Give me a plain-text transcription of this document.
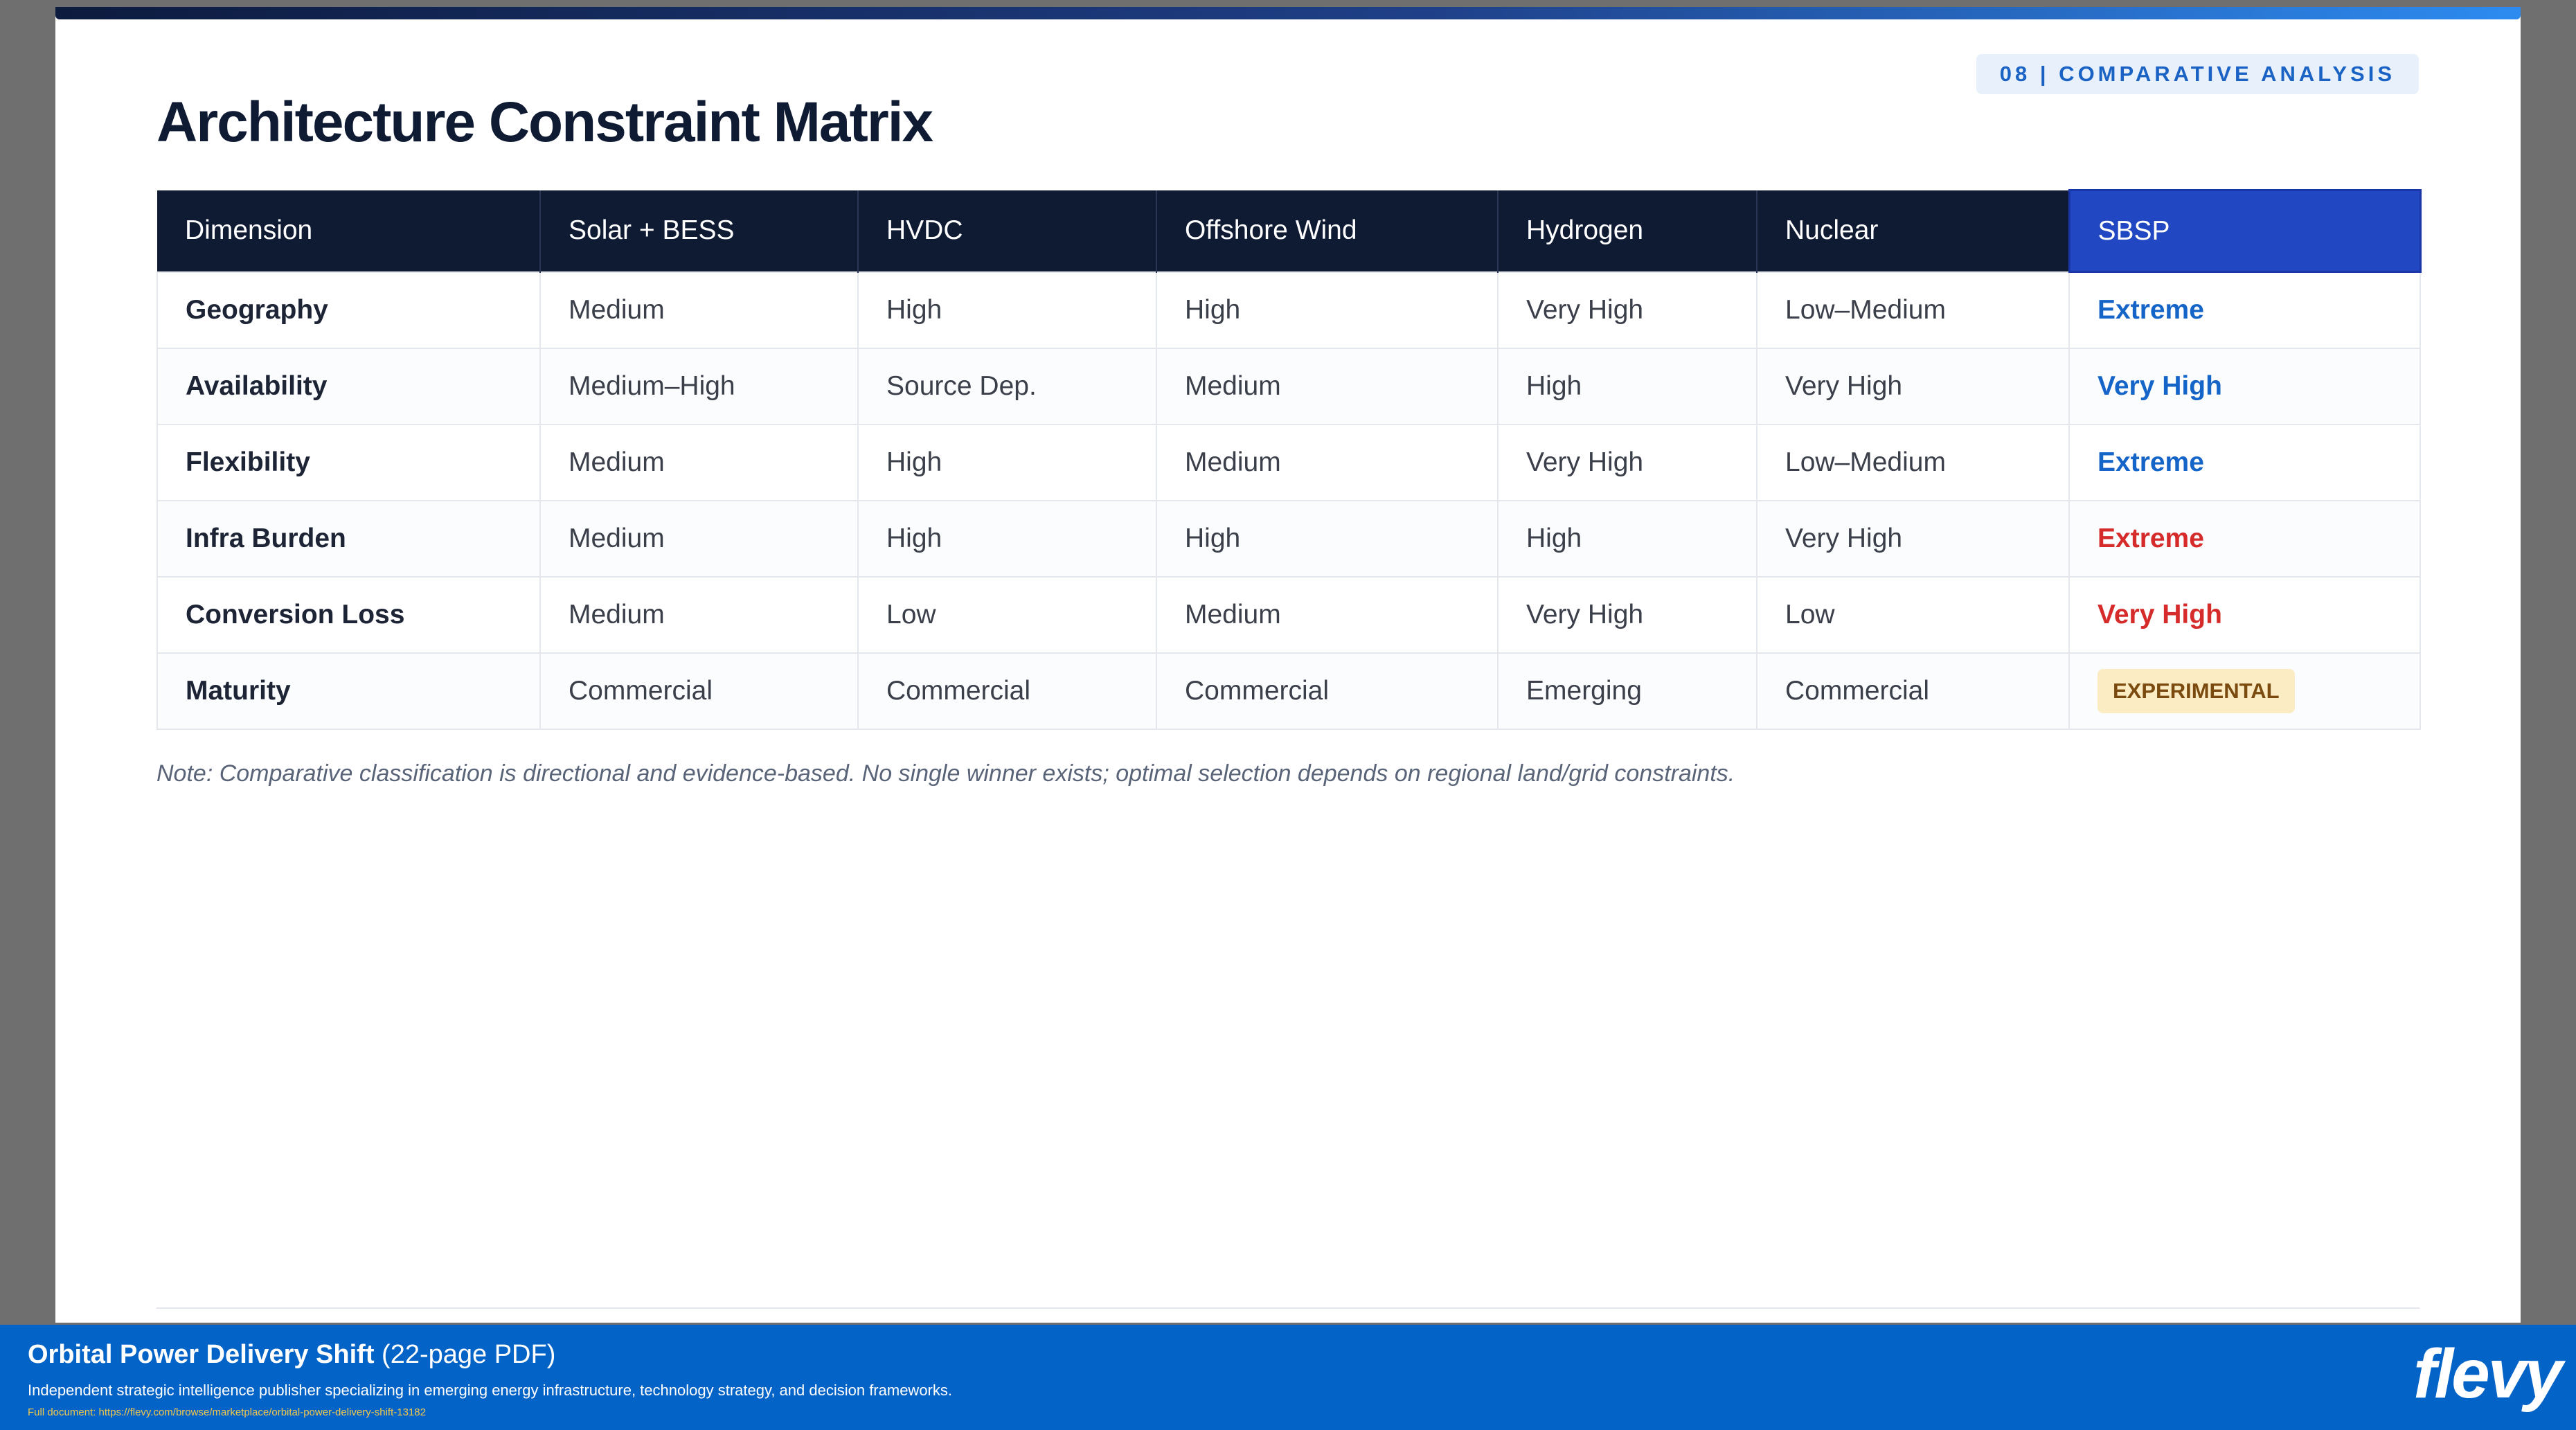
08 | COMPARATIVE ANALYSIS
Architecture Constraint Matrix
Dimension	Solar + BESS	HVDC	Offshore Wind	Hydrogen	Nuclear	SBSP
Geography	Medium	High	High	Very High	Low–Medium	Extreme
Availability	Medium–High	Source Dep.	Medium	High	Very High	Very High
Flexibility	Medium	High	Medium	Very High	Low–Medium	Extreme
Infra Burden	Medium	High	High	High	Very High	Extreme
Conversion Loss	Medium	Low	Medium	Very High	Low	Very High
Maturity	Commercial	Commercial	Commercial	Emerging	Commercial	EXPERIMENTAL
Note: Comparative classification is directional and evidence-based. No single winner exists; optimal selection depends on regional land/grid constraints.
Orbital Power Delivery Shift (22-page PDF)
Independent strategic intelligence publisher specializing in emerging energy infrastructure, technology strategy, and decision frameworks.
Full document: https://flevy.com/browse/marketplace/orbital-power-delivery-shift-13182	flevy
